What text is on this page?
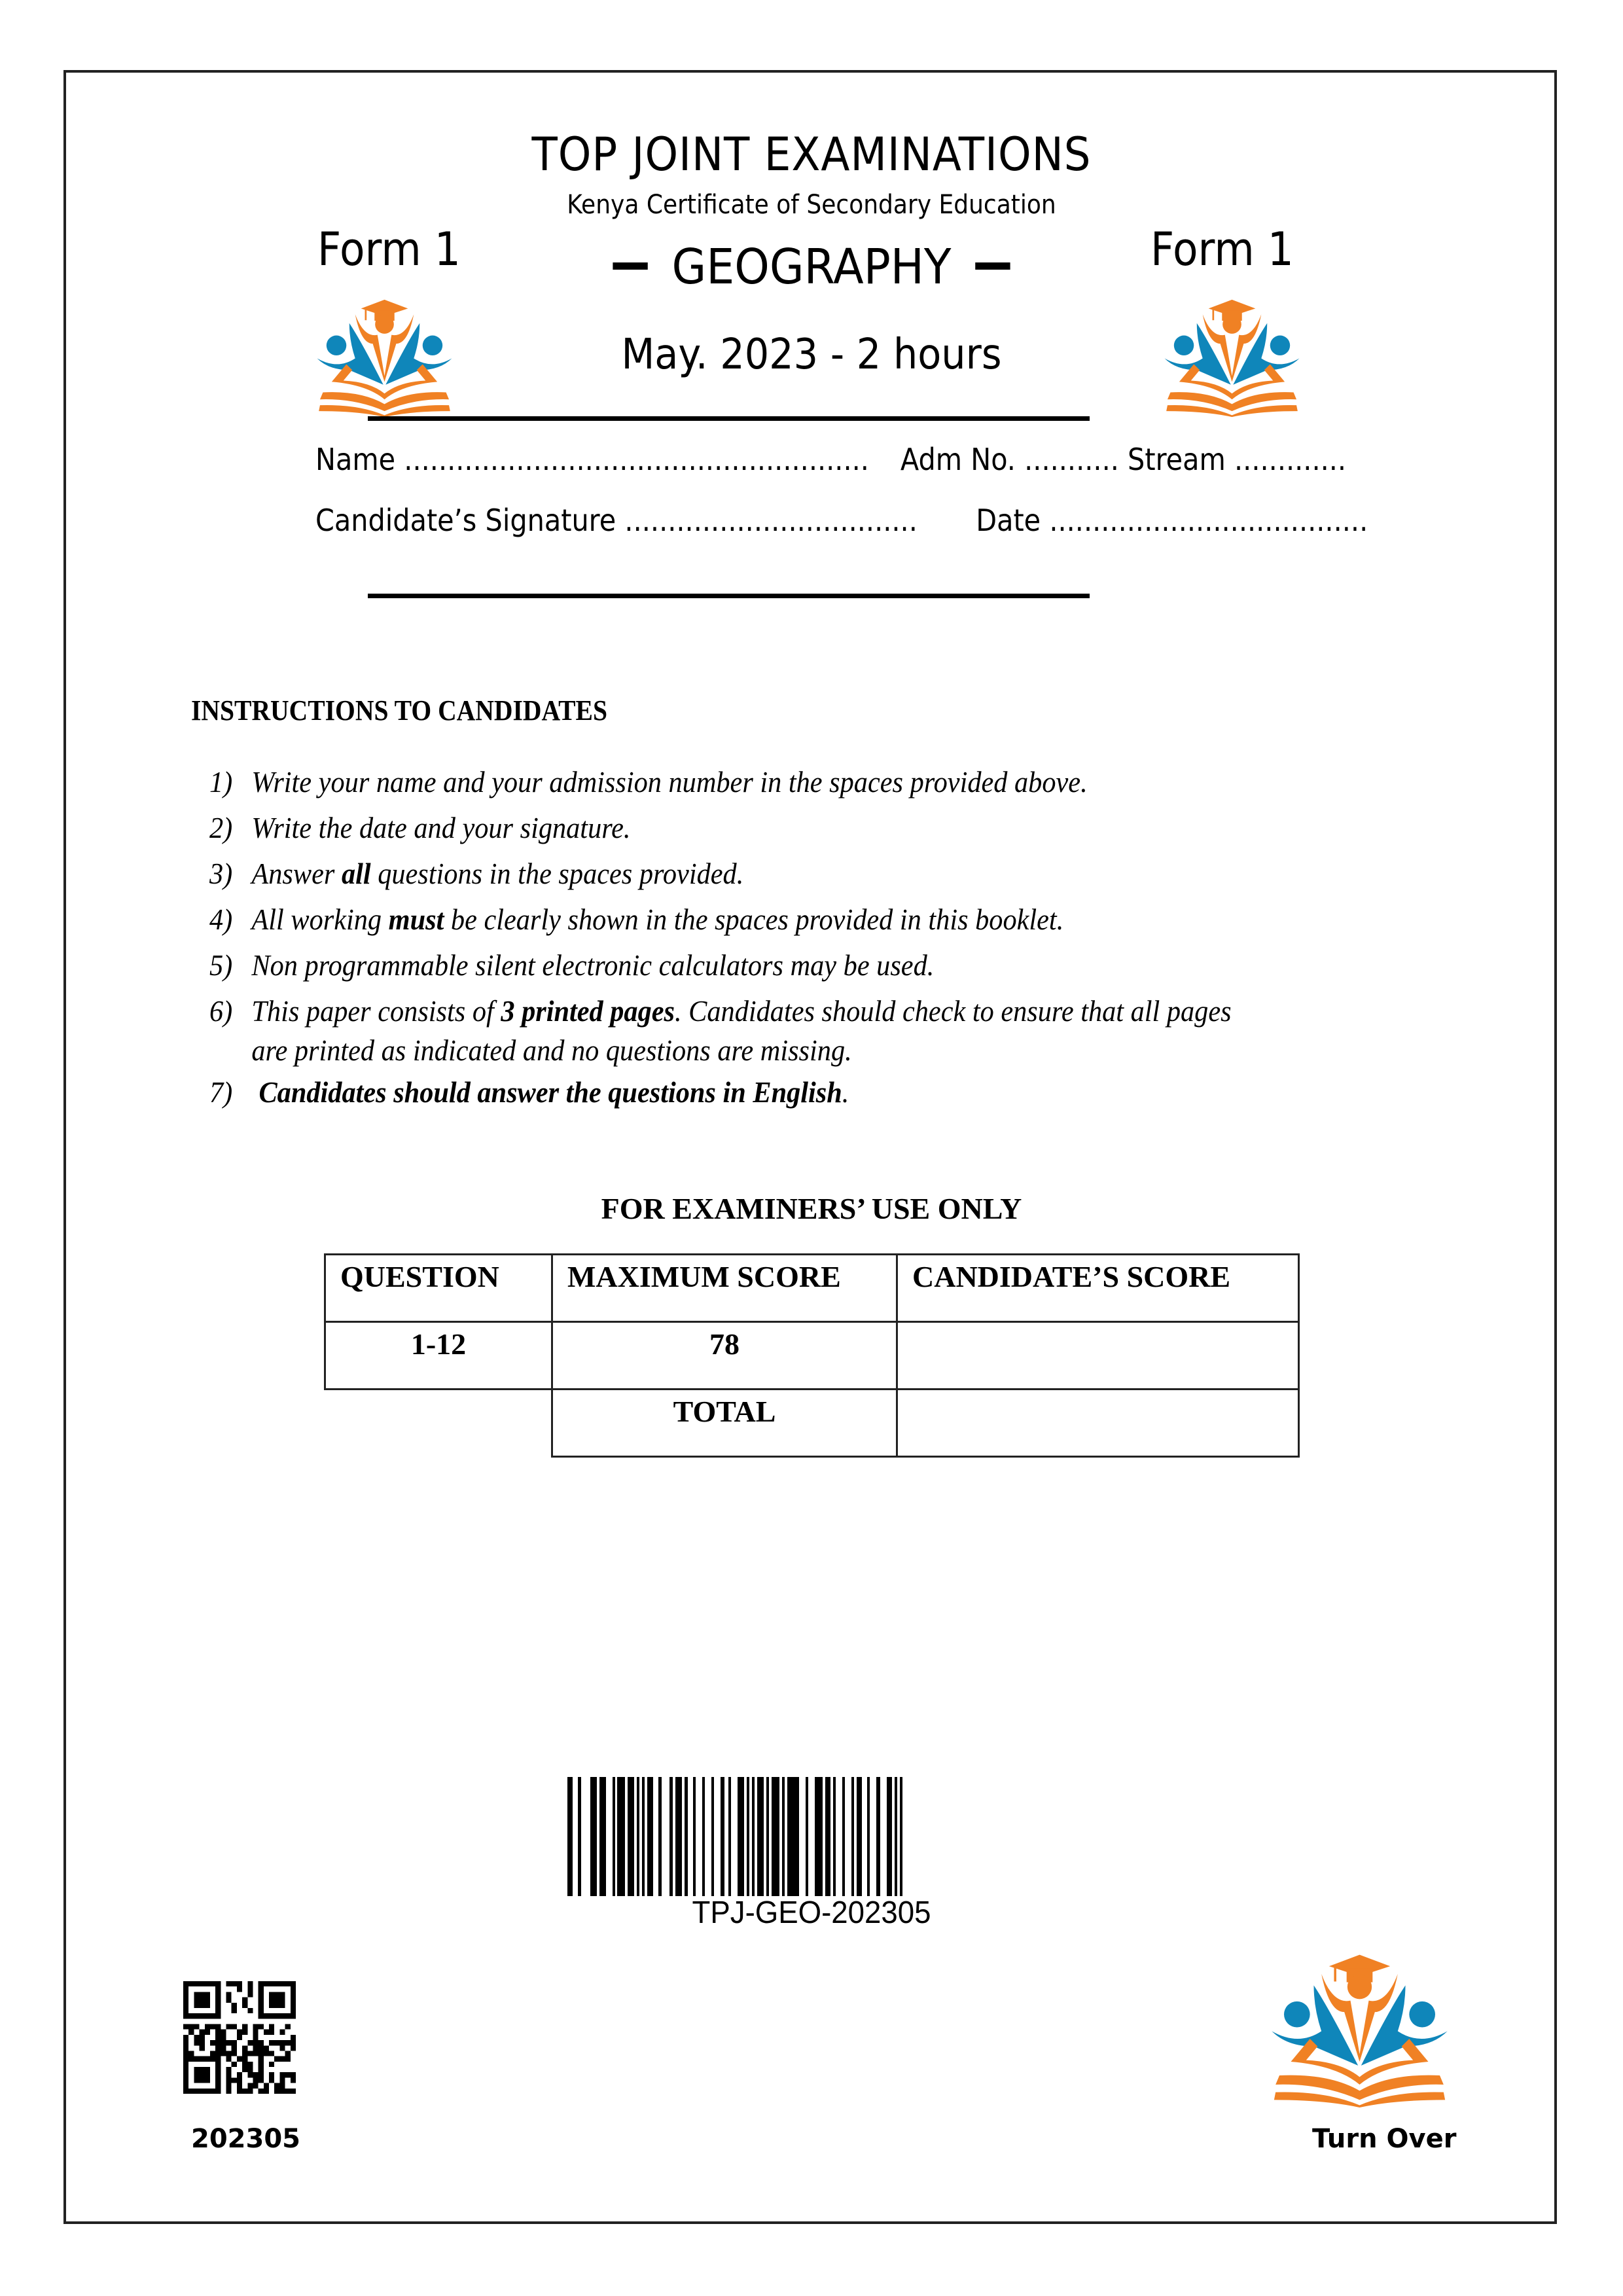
TOP JOINT EXAMINATIONS
Kenya Certificate of Secondary Education
Form 1	Form 1
GEOGRAPHY
May. 2023 - 2 hours
Name ...................................................... Adm No. ........... Stream .............
Candidate’s Signature .................................. Date .....................................
INSTRUCTIONS TO CANDIDATES
1) Write your name and your admission number in the spaces provided above.
2) Write the date and your signature.
3) Answer all questions in the spaces provided.
4) All working must be clearly shown in the spaces provided in this booklet.
5) Non programmable silent electronic calculators may be used.
6) This paper consists of 3 printed pages. Candidates should check to ensure that all pages
are printed as indicated and no questions are missing.
7) Candidates should answer the questions in English.
FOR EXAMINERS’ USE ONLY
QUESTION	MAXIMUM SCORE	CANDIDATE’S SCORE
1-12	78	
	TOTAL	
TPJ-GEO-202305
202305	Turn Over
